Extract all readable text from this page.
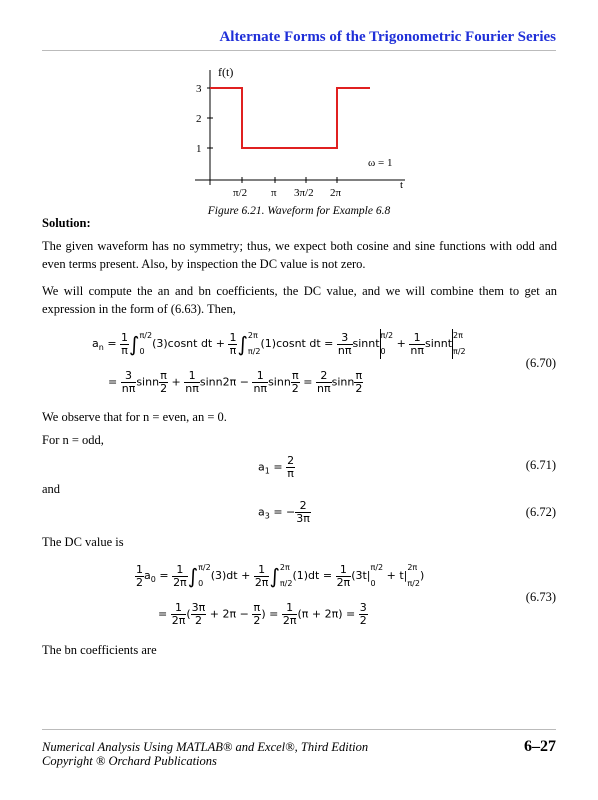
Alternate Forms of the Trigonometric Fourier Series
f(t)
3
2
1
π/2 π 3π/2 2π
t
ω = 1
Figure 6.21. Waveform for Example 6.8
Solution:
The given waveform has no symmetry; thus, we expect both cosine and sine functions with odd and even terms present. Also, by inspection the DC value is not zero.
We will compute the an and bn coefficients, the DC value, and we will combine them to get an expression in the form of (6.63). Then,
$a_n = \frac{1}{\pi}$ ∫ π/2
0
(3)cosnt dt + $\frac{1}{\pi}$ ∫ 2π
π/2
(1)cosnt dt = $\frac{3}{n\pi}$ sinnt
π/2
0
+ $\frac{1}{n\pi}$ sinnt
2π
π/2
= $\frac{3}{n\pi}$ sinn $\frac{\pi}{2} + \frac{1}{n\pi} \sin n2\pi - \frac{1}{n\pi}$ sinn $\frac{\pi}{2} = \frac{2}{n\pi}$ sinn $\frac{\pi}{2}$
(6.70)
We observe that for n = even, an = 0.
For n = odd,
$a_1 = \frac{2}{\pi}$	(6.71)
and
$a_3$ = − $\frac{2}{3\pi}$	(6.72)
The DC value is
$\frac{1}{2} a_0 = \frac{1}{2\pi}$ ∫ π/2
0
$(3)dt + \frac{1}{2\pi}$ ∫ 2π
π/2
$(1)dt = \frac{1}{2\pi} (3t|$
π/2
0
+ t|
2π
π/2
)
= $\frac{1}{2\pi}$ ( $\frac{3\pi}{2} + 2\pi - \frac{\pi}{2}$ ) = $\frac{1}{2\pi} (\pi + 2\pi) = \frac{3}{2}$
(6.73)
The bn coefficients are
Numerical Analysis Using MATLAB® and Excel®, Third Edition
Copyright ® Orchard Publications
6–27
